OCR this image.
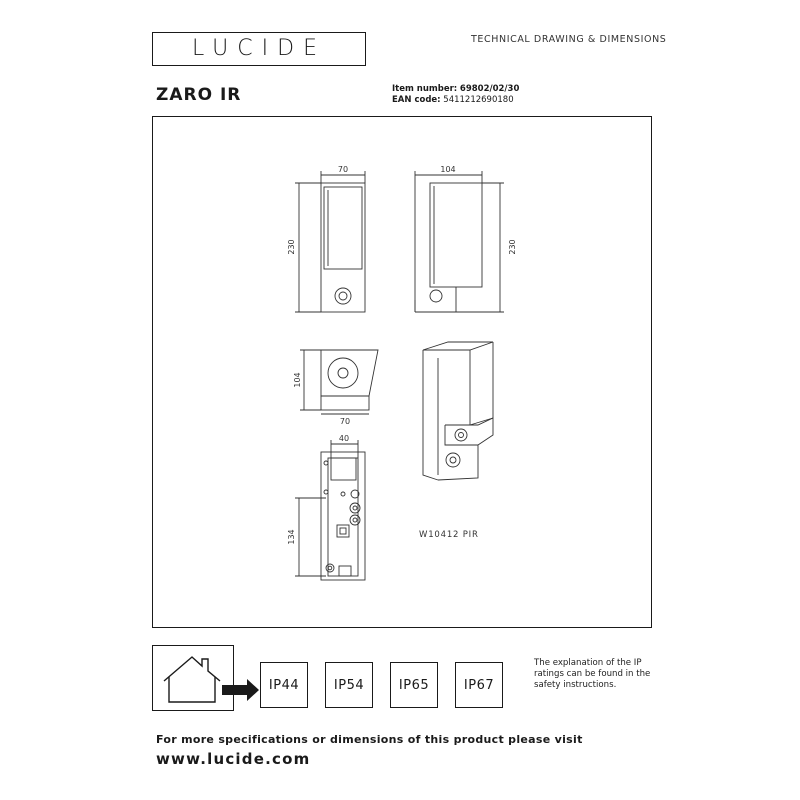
LUCIDE	TECHNICAL DRAWING & DIMENSIONS
ZARO IR	Item number: 69802/02/30
EAN code: 5411212690180
70	104
230	230
104
70
40
134	W10412 PIR
IP44	IP54	IP65	IP67
The explanation of the IP ratings can be found in the safety instructions.
For more specifications or dimensions of this product please visit
www.lucide.com
